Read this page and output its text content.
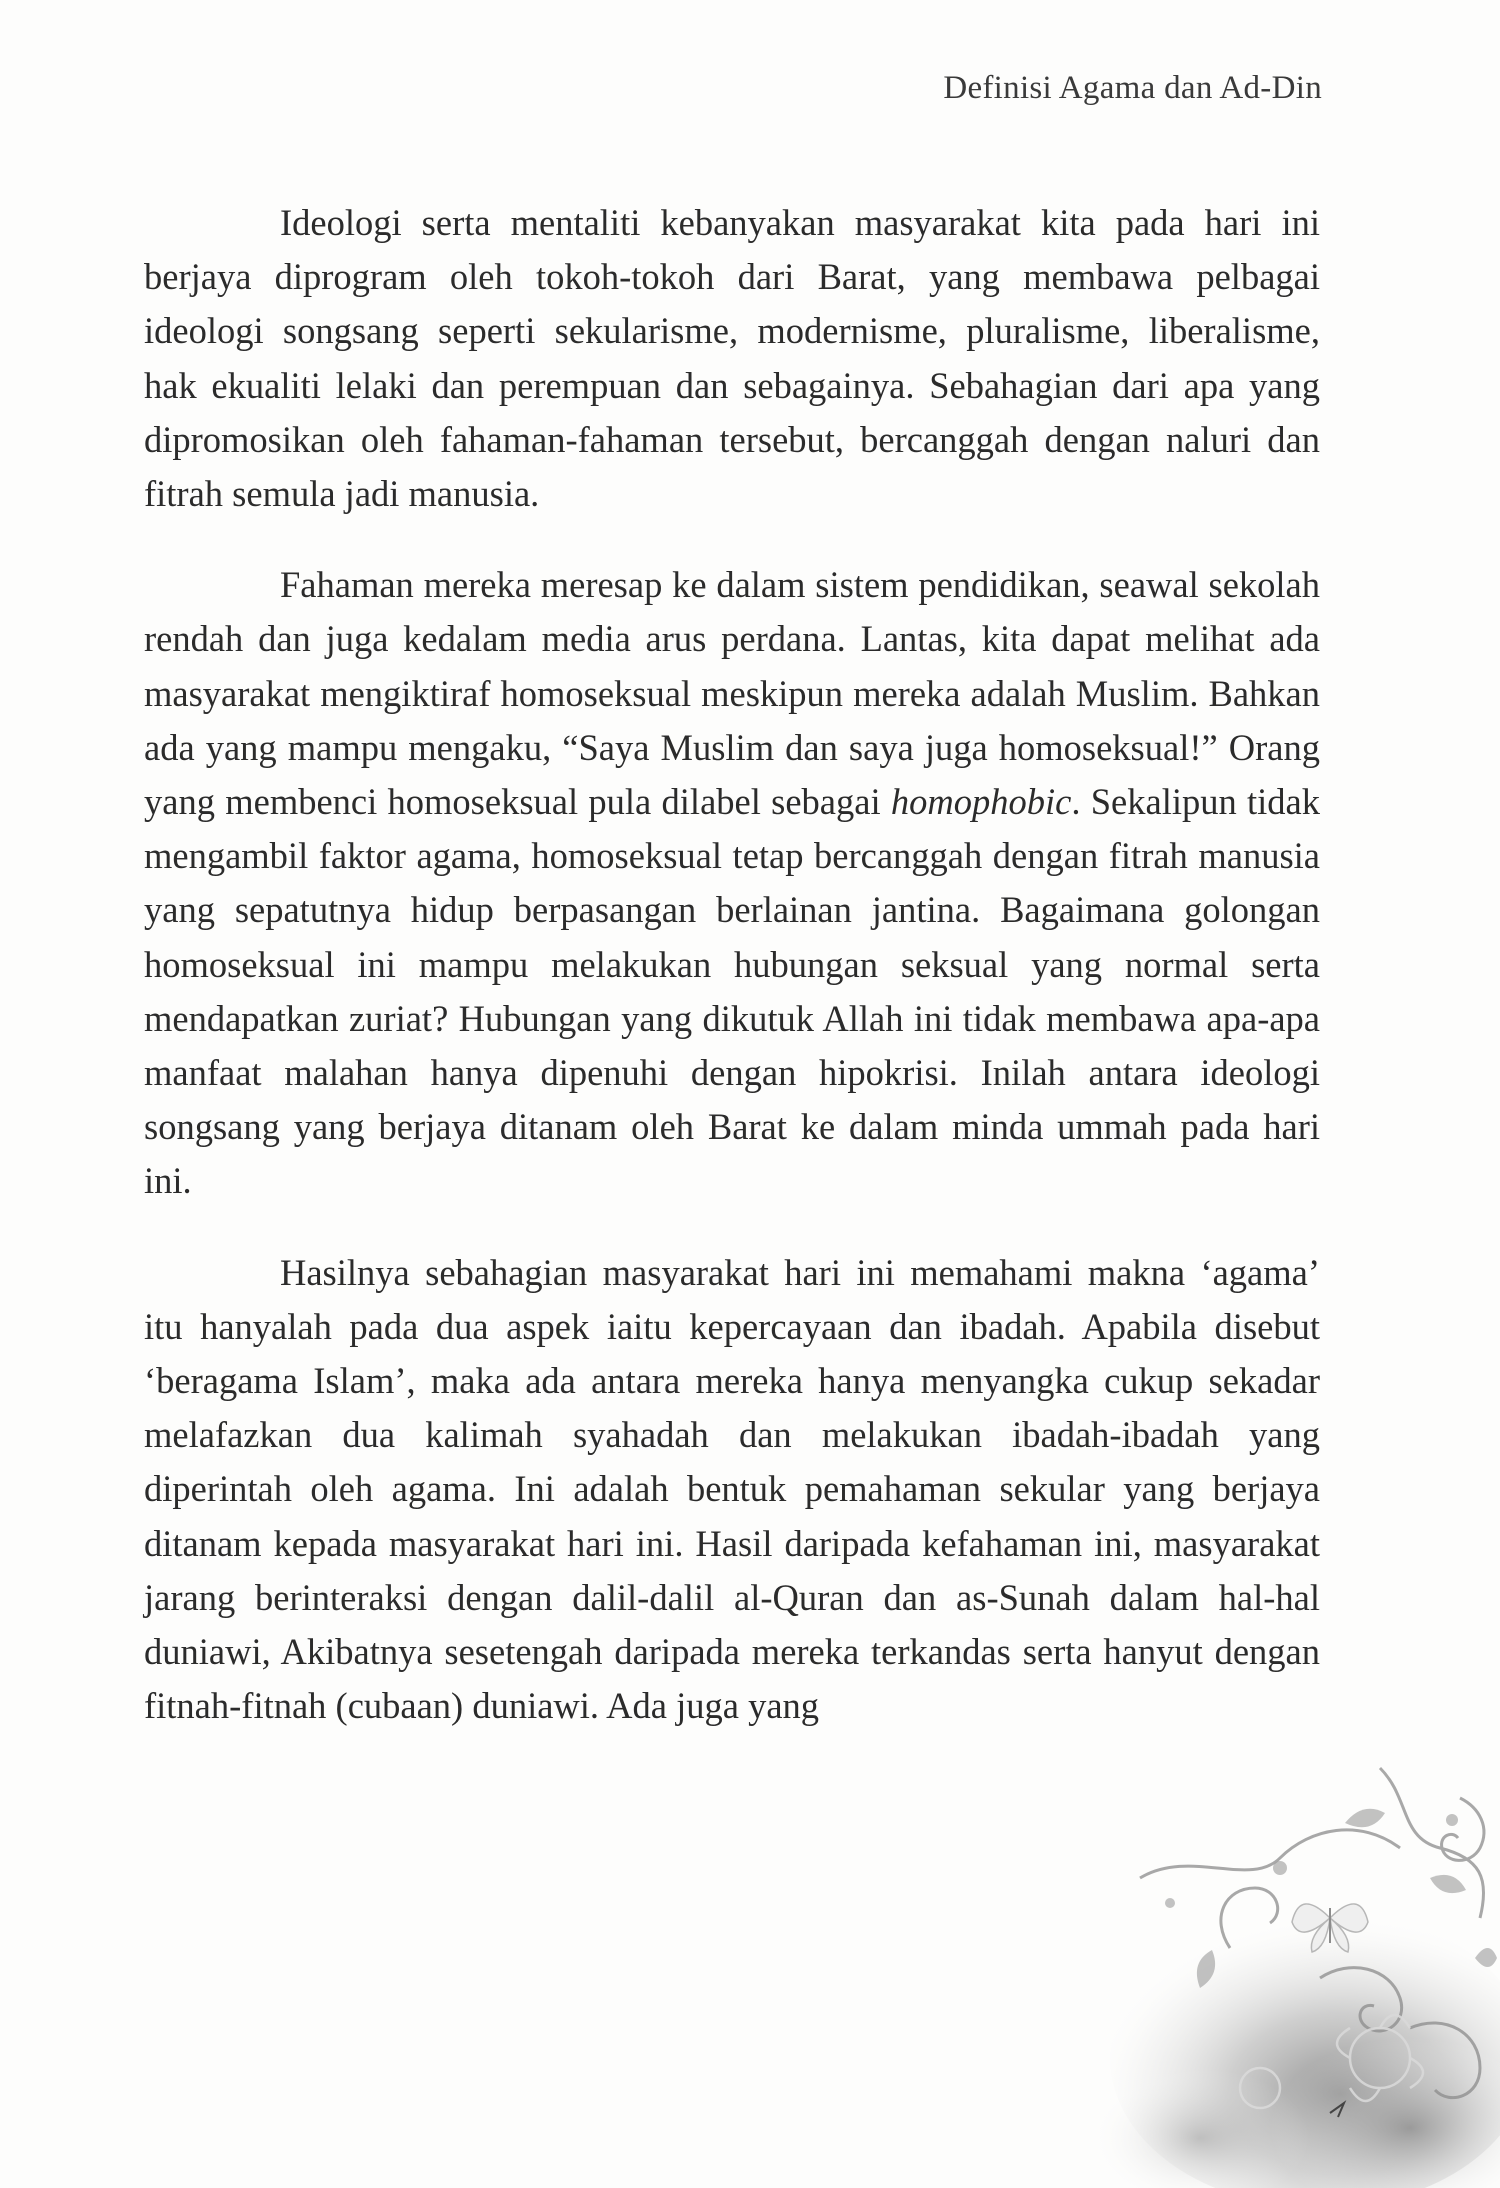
Definisi Agama dan Ad-Din

Ideologi serta mentaliti kebanyakan masyarakat kita pada hari ini berjaya diprogram oleh tokoh-tokoh dari Barat, yang membawa pelbagai ideologi songsang seperti sekularisme, modernisme, pluralisme, liberalisme, hak ekualiti lelaki dan perempuan dan sebagainya. Sebahagian dari apa yang dipromosikan oleh fahaman-fahaman tersebut, bercanggah dengan naluri dan fitrah semula jadi manusia.

Fahaman mereka meresap ke dalam sistem pendidikan, seawal sekolah rendah dan juga kedalam media arus perdana. Lantas, kita dapat melihat ada masyarakat mengiktiraf homoseksual meskipun mereka adalah Muslim. Bahkan ada yang mampu mengaku, “Saya Muslim dan saya juga homoseksual!” Orang yang membenci homoseksual pula dilabel sebagai homophobic. Sekalipun tidak mengambil faktor agama, homoseksual tetap bercanggah dengan fitrah manusia yang sepatutnya hidup berpasangan berlainan jantina. Bagaimana golongan homoseksual ini mampu melakukan hubungan seksual yang normal serta mendapatkan zuriat? Hubungan yang dikutuk Allah ini tidak membawa apa-apa manfaat malahan hanya dipenuhi dengan hipokrisi. Inilah antara ideologi songsang yang berjaya ditanam oleh Barat ke dalam minda ummah pada hari ini.

Hasilnya sebahagian masyarakat hari ini memahami makna ‘agama’ itu hanyalah pada dua aspek iaitu kepercayaan dan ibadah. Apabila disebut ‘beragama Islam’, maka ada antara mereka hanya menyangka cukup sekadar melafazkan dua kalimah syahadah dan melakukan ibadah-ibadah yang diperintah oleh agama. Ini adalah bentuk pemahaman sekular yang berjaya ditanam kepada masyarakat hari ini. Hasil daripada kefahaman ini, masyarakat jarang berinteraksi dengan dalil-dalil al-Quran dan as-Sunah dalam hal-hal duniawi, Akibatnya sesetengah daripada mereka terkandas serta hanyut dengan fitnah-fitnah (cubaan) duniawi. Ada juga yang
